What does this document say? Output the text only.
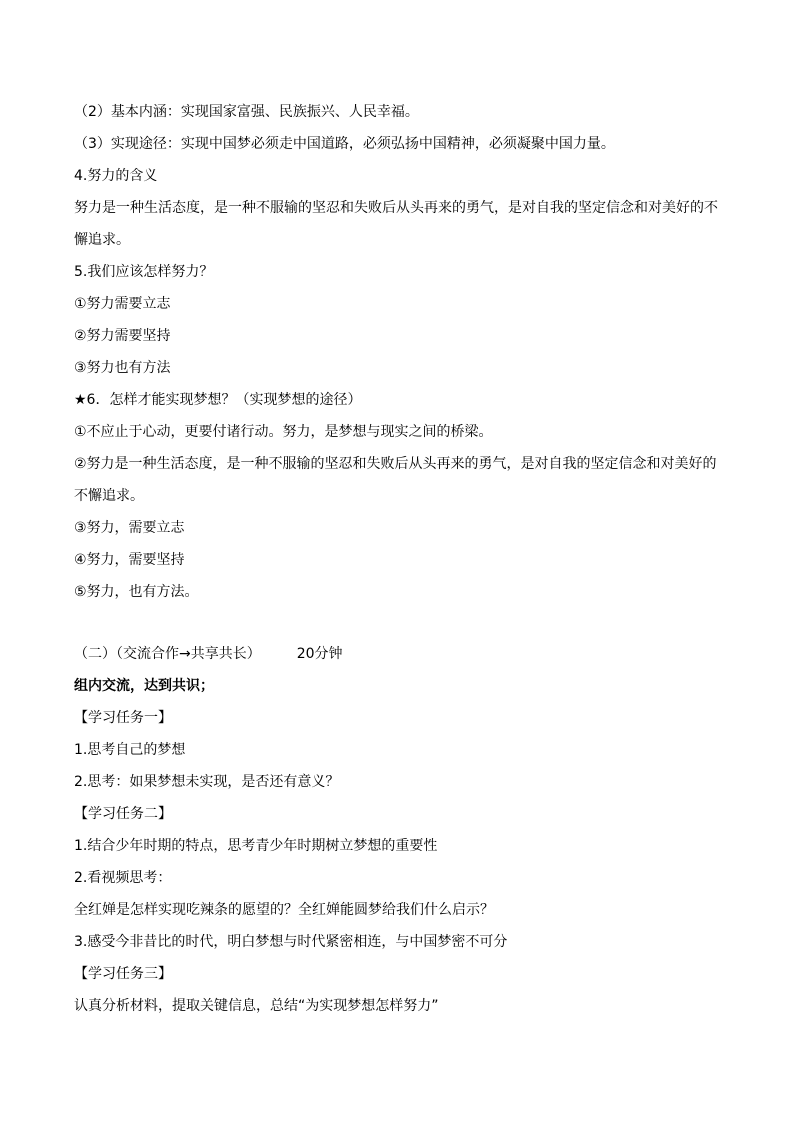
（2）基本内涵：实现国家富强、民族振兴、人民幸福。
（3）实现途径：实现中国梦必须走中国道路，必须弘扬中国精神，必须凝聚中国力量。
4.努力的含义
努力是一种生活态度，是一种不服输的坚忍和失败后从头再来的勇气，是对自我的坚定信念和对美好的不
懈追求。
5.我们应该怎样努力？
①努力需要立志
②努力需要坚持
③努力也有方法
★6．怎样才能实现梦想？（实现梦想的途径）
①不应止于心动，更要付诸行动。努力，是梦想与现实之间的桥梁。
②努力是一种生活态度，是一种不服输的坚忍和失败后从头再来的勇气，是对自我的坚定信念和对美好的
不懈追求。
③努力，需要立志
④努力，需要坚持
⑤努力，也有方法。
（二）（交流合作→共享共长）	20分钟
组内交流，达到共识；
【学习任务一】
1.思考自己的梦想
2.思考：如果梦想未实现，是否还有意义？
【学习任务二】
1.结合少年时期的特点，思考青少年时期树立梦想的重要性
2.看视频思考：
全红婵是怎样实现吃辣条的愿望的？全红婵能圆梦给我们什么启示？
3.感受今非昔比的时代，明白梦想与时代紧密相连，与中国梦密不可分
【学习任务三】
认真分析材料，提取关键信息，总结“为实现梦想怎样努力”
